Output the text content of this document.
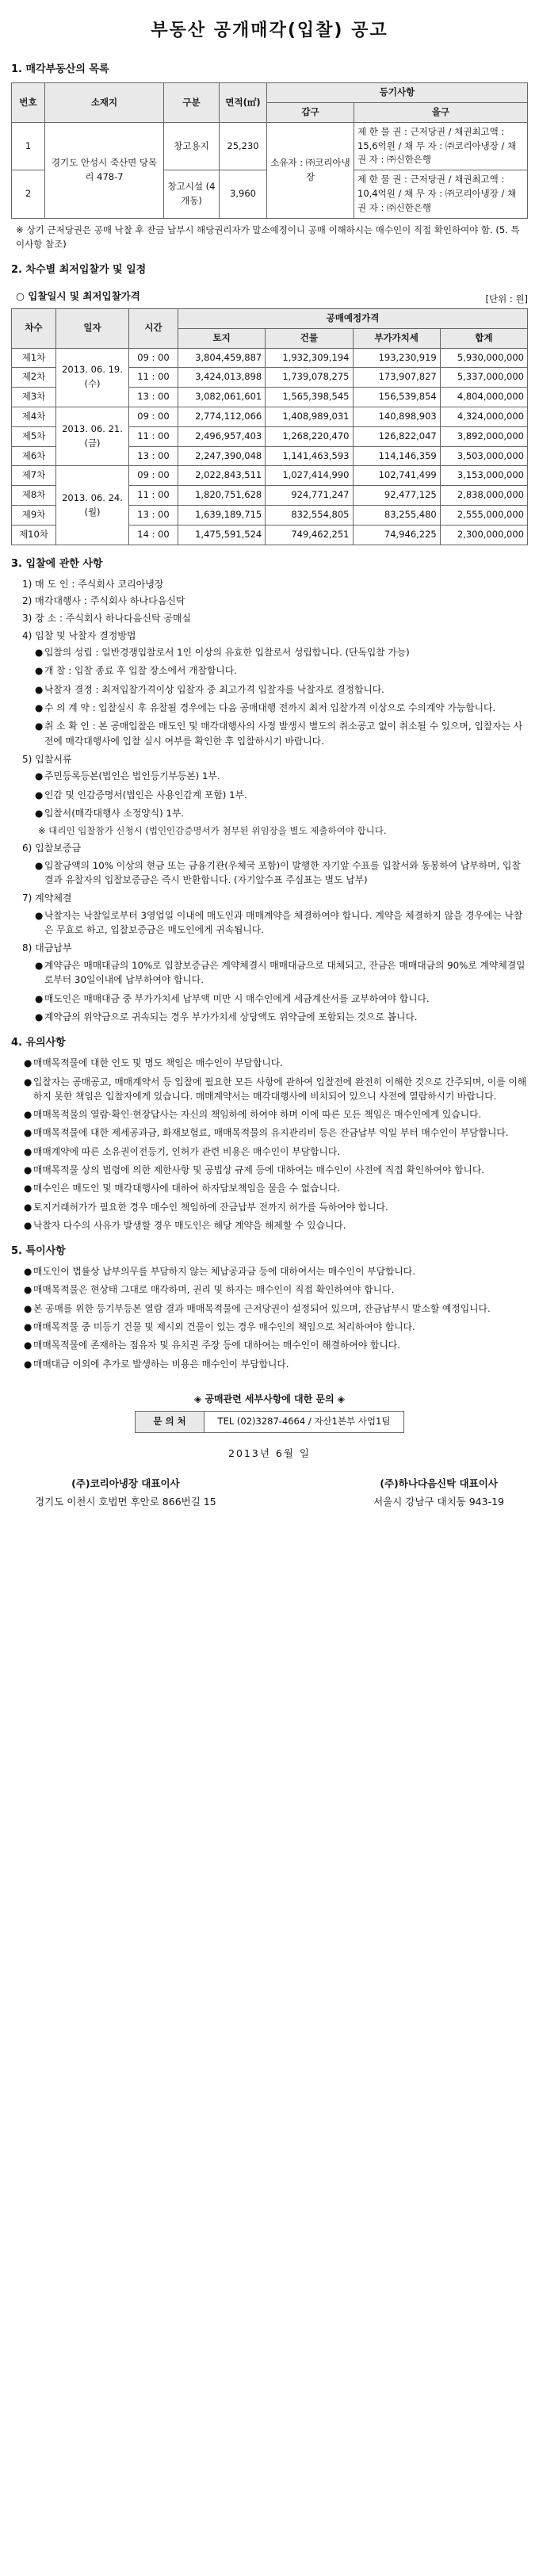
부동산 공개매각(입찰) 공고
1. 매각부동산의 목록
번호	소재지	구분	면적(㎡)	등기사항	
				갑구	을구
1	경기도 안성시 죽산면 당목리 478-7	창고용지	25,230	소유자 : ㈜코리아냉장	제 한 물 권 : 근저당권 / 채권최고액 : 15,6억원 / 채 무 자 : ㈜코리아냉장 / 채 권 자 : ㈜신한은행
2		창고시설 (4개동)	3,960		제 한 물 권 : 근저당권 / 채권최고액 : 10,4억원 / 채 무 자 : ㈜코리아냉장 / 채 권 자 : ㈜신한은행
※ 상기 근저당권은 공매 낙찰 후 잔금 납부시 해당권리자가 말소예정이니 공매 이해하시는 매수인이 직접 확인하여야 함. (5. 특이사항 참조)
2. 차수별 최저입찰가 및 일정
○ 입찰일시 및 최저입찰가격	[단위 : 원]
차수	일자	시간	공매예정가격			
			토지	건물	부가가치세	합계
제1차	2013. 06. 19. (수)	09 : 00	3,804,459,887	1,932,309,194	193,230,919	5,930,000,000
제2차		11 : 00	3,424,013,898	1,739,078,275	173,907,827	5,337,000,000
제3차		13 : 00	3,082,061,601	1,565,398,545	156,539,854	4,804,000,000
제4차	2013. 06. 21. (금)	09 : 00	2,774,112,066	1,408,989,031	140,898,903	4,324,000,000
제5차		11 : 00	2,496,957,403	1,268,220,470	126,822,047	3,892,000,000
제6차		13 : 00	2,247,390,048	1,141,463,593	114,146,359	3,503,000,000
제7차	2013. 06. 24. (월)	09 : 00	2,022,843,511	1,027,414,990	102,741,499	3,153,000,000
제8차		11 : 00	1,820,751,628	924,771,247	92,477,125	2,838,000,000
제9차		13 : 00	1,639,189,715	832,554,805	83,255,480	2,555,000,000
제10차		14 : 00	1,475,591,524	749,462,251	74,946,225	2,300,000,000
3. 입찰에 관한 사항
1) 매 도 인 : 주식회사 코리아냉장
2) 매각대행사 : 주식회사 하나다음신탁
3) 장 소 : 주식회사 하나다음신탁 공매실
4) 입찰 및 낙찰자 결정방법
● 입찰의 성립 : 일반경쟁입찰로서 1인 이상의 유효한 입찰로서 성립합니다. (단독입찰 가능)
● 개 찰 : 입찰 종료 후 입찰 장소에서 개찰합니다.
● 낙찰자 결정 : 최저입찰가격이상 입찰자 중 최고가격 입찰자를 낙찰자로 결정합니다.
● 수 의 계 약 : 입찰실시 후 유찰될 경우에는 다음 공매대행 전까지 최저 입찰가격 이상으로 수의계약 가능합니다.
● 취 소 확 인 : 본 공매입찰은 매도인 및 매각대행사의 사정 발생시 별도의 취소공고 없이 취소될 수 있으며, 입찰자는 사전에 매각대행사에 입찰 실시 여부를 확인한 후 입찰하시기 바랍니다.
5) 입찰서류
● 주민등록등본(법인은 법인등기부등본) 1부.
● 인감 및 인감증명서(법인은 사용인감계 포함) 1부.
● 입찰서(매각대행사 소정양식) 1부.
※ 대리인 입찰참가 신청시 (법인인감증명서가 첨부된 위임장을 별도 제출하여야 합니다.
6) 입찰보증금
● 입찰금액의 10% 이상의 현금 또는 금융기관(우체국 포함)이 발행한 자기앞 수표를 입찰서와 동봉하여 납부하며, 입찰결과 유찰자의 입찰보증금은 즉시 반환합니다. (자기앞수표 주심표는 별도 납부)
7) 계약체결
● 낙찰자는 낙찰일로부터 3영업일 이내에 매도인과 매매계약을 체결하여야 합니다. 계약을 체결하지 않을 경우에는 낙찰은 무효로 하고, 입찰보증금은 매도인에게 귀속됩니다.
8) 대금납부
● 계약금은 매매대금의 10%로 입찰보증금은 계약체결시 매매대금으로 대체되고, 잔금은 매매대금의 90%로 계약체결일로부터 30일이내에 납부하여야 합니다.
● 매도인은 매매대금 중 부가가치세 납부액 미만 시 매수인에게 세금계산서를 교부하여야 합니다.
● 계약금의 위약금으로 귀속되는 경우 부가가치세 상당액도 위약금에 포함되는 것으로 봅니다.
4. 유의사항
● 매매목적물에 대한 인도 및 명도 책임은 매수인이 부담합니다.
● 입찰자는 공매공고, 매매계약서 등 입찰에 필요한 모든 사항에 관하여 입찰전에 완전히 이해한 것으로 간주되며, 이를 이해하지 못한 책임은 입찰자에게 있습니다. 매매계약서는 매각대행사에 비치되어 있으니 사전에 열람하시기 바랍니다.
● 매매목적물의 열람·확인·현장답사는 자신의 책임하에 하여야 하며 이에 따른 모든 책임은 매수인에게 있습니다.
● 매매목적물에 대한 제세공과금, 화재보험료, 매매목적물의 유지관리비 등은 잔금납부 익일 부터 매수인이 부담합니다.
● 매매계약에 따른 소유권이전등기, 인허가 관련 비용은 매수인이 부담합니다.
● 매매목적물 상의 법령에 의한 제한사항 및 공법상 규제 등에 대하여는 매수인이 사전에 직접 확인하여야 합니다.
● 매수인은 매도인 및 매각대행사에 대하여 하자담보책임을 물을 수 없습니다.
● 토지거래허가가 필요한 경우 매수인 책임하에 잔금납부 전까지 허가를 득하여야 합니다.
● 낙찰자 다수의 사유가 발생할 경우 매도인은 해당 계약을 해제할 수 있습니다.
5. 특이사항
● 매도인이 법률상 납부의무를 부담하지 않는 체납공과금 등에 대하여서는 매수인이 부담합니다.
● 매매목적물은 현상태 그대로 매각하며, 권리 및 하자는 매수인이 직접 확인하여야 합니다.
● 본 공매를 위한 등기부등본 열람 결과 매매목적물에 근저당권이 설정되어 있으며, 잔금납부시 말소할 예정입니다.
● 매매목적물 중 미등기 건물 및 제시외 건물이 있는 경우 매수인의 책임으로 처리하여야 합니다.
● 매매목적물에 존재하는 점유자 및 유치권 주장 등에 대하여는 매수인이 해결하여야 합니다.
● 매매대금 이외에 추가로 발생하는 비용은 매수인이 부담합니다.
◈ 공매관련 세부사항에 대한 문의 ◈
문 의 처	TEL (02)3287-4664 / 자산1본부 사업1팀
2013년 6월 일
(주)코리아냉장 대표이사
경기도 이천시 호법면 후안로 866번길 15
(주)하나다음신탁 대표이사
서울시 강남구 대치동 943-19
